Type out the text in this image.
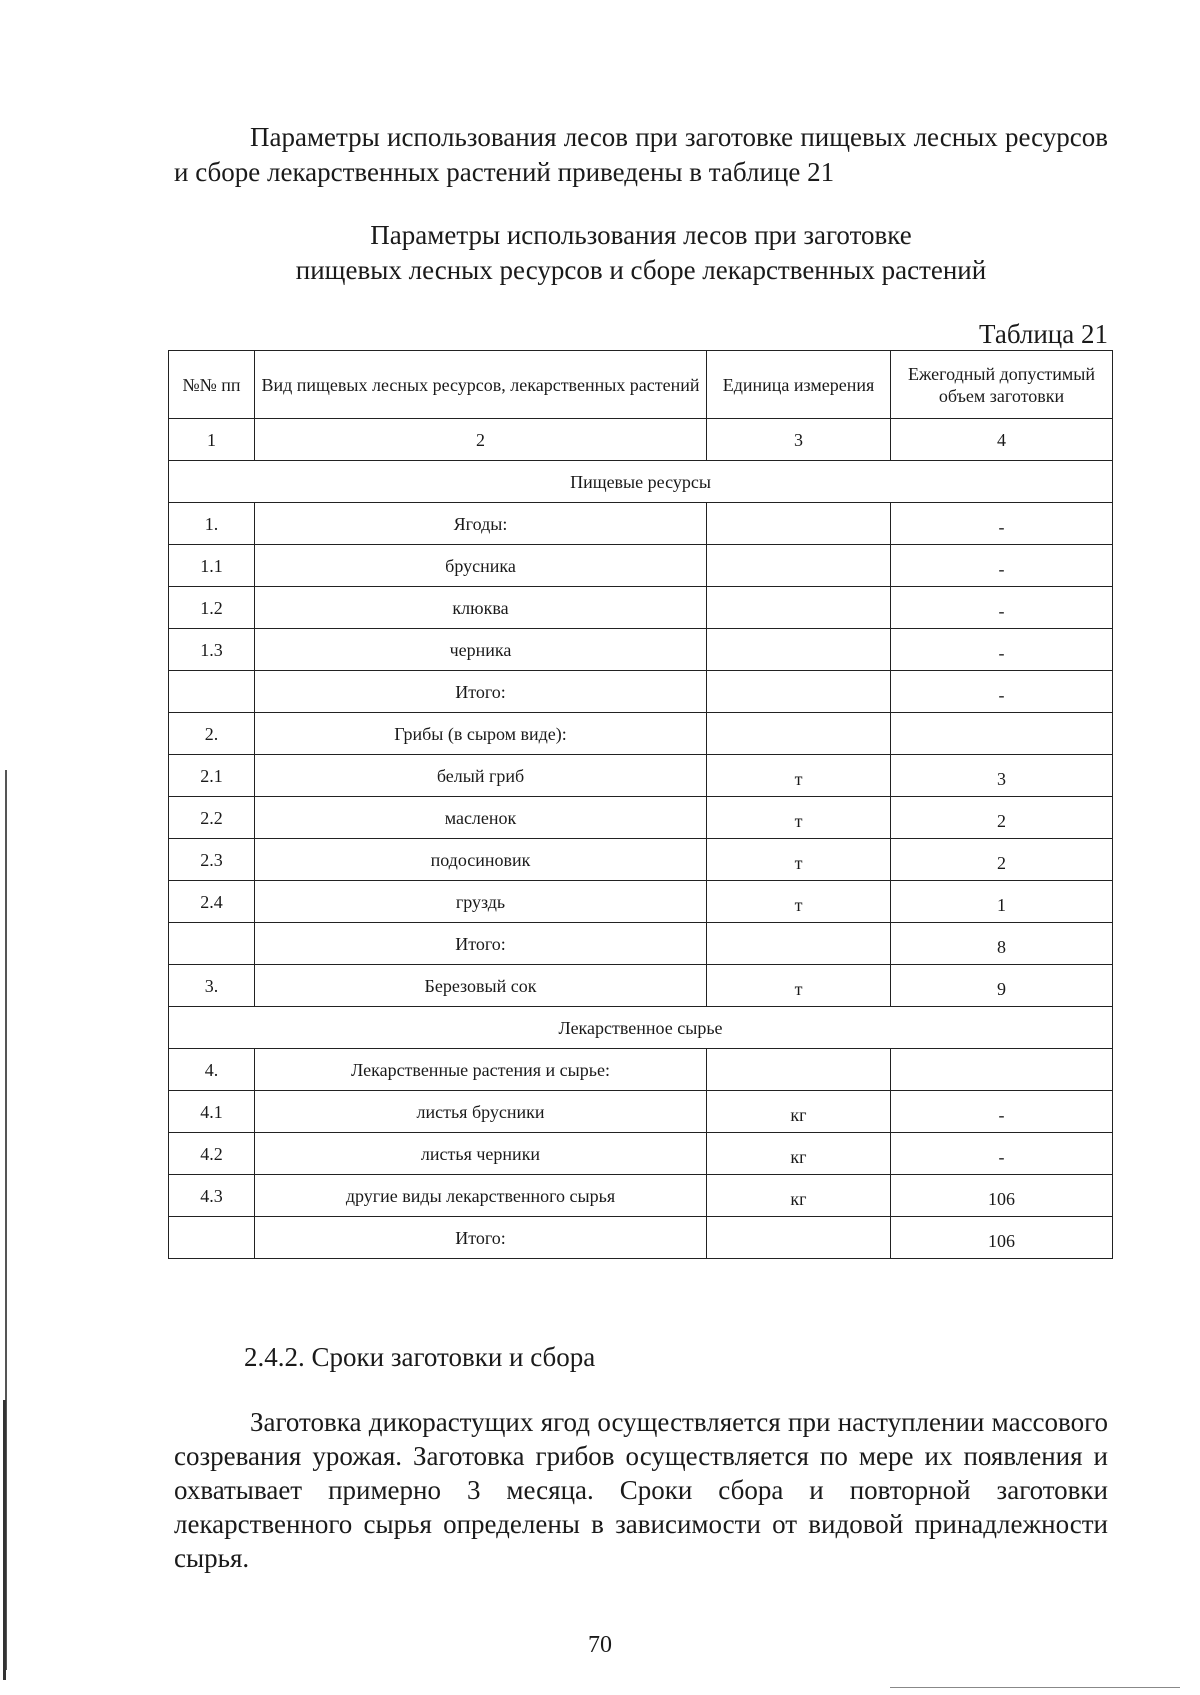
Параметры использования лесов при заготовке пищевых лесных ресурсов и сборе лекарственных растений приведены в таблице 21

Параметры использования лесов при заготовке
пищевых лесных ресурсов и сборе лекарственных растений
Таблица 21
№№ пп	Вид пищевых лесных ресурсов, лекарственных растений	Единица измерения	Ежегодный допустимый объем заготовки
1	2	3	4
Пищевые ресурсы			
1.	Ягоды:		-
1.1	брусника		-
1.2	клюква		-
1.3	черника		-
	Итого:		-
2.	Грибы (в сыром виде):		
2.1	белый гриб	т	3
2.2	масленок	т	2
2.3	подосиновик	т	2
2.4	груздь	т	1
	Итого:		8
3.	Березовый сок	т	9
Лекарственное сырье			
4.	Лекарственные растения и сырье:		
4.1	листья брусники	кг	-
4.2	листья черники	кг	-
4.3	другие виды лекарственного сырья	кг	106
	Итого:		106
2.4.2. Сроки заготовки и сбора

Заготовка дикорастущих ягод осуществляется при наступлении массового созревания урожая. Заготовка грибов осуществляется по мере их появления и охватывает примерно 3 месяца. Сроки сбора и повторной заготовки лекарственного сырья определены в зависимости от видовой принадлежности сырья.

70
